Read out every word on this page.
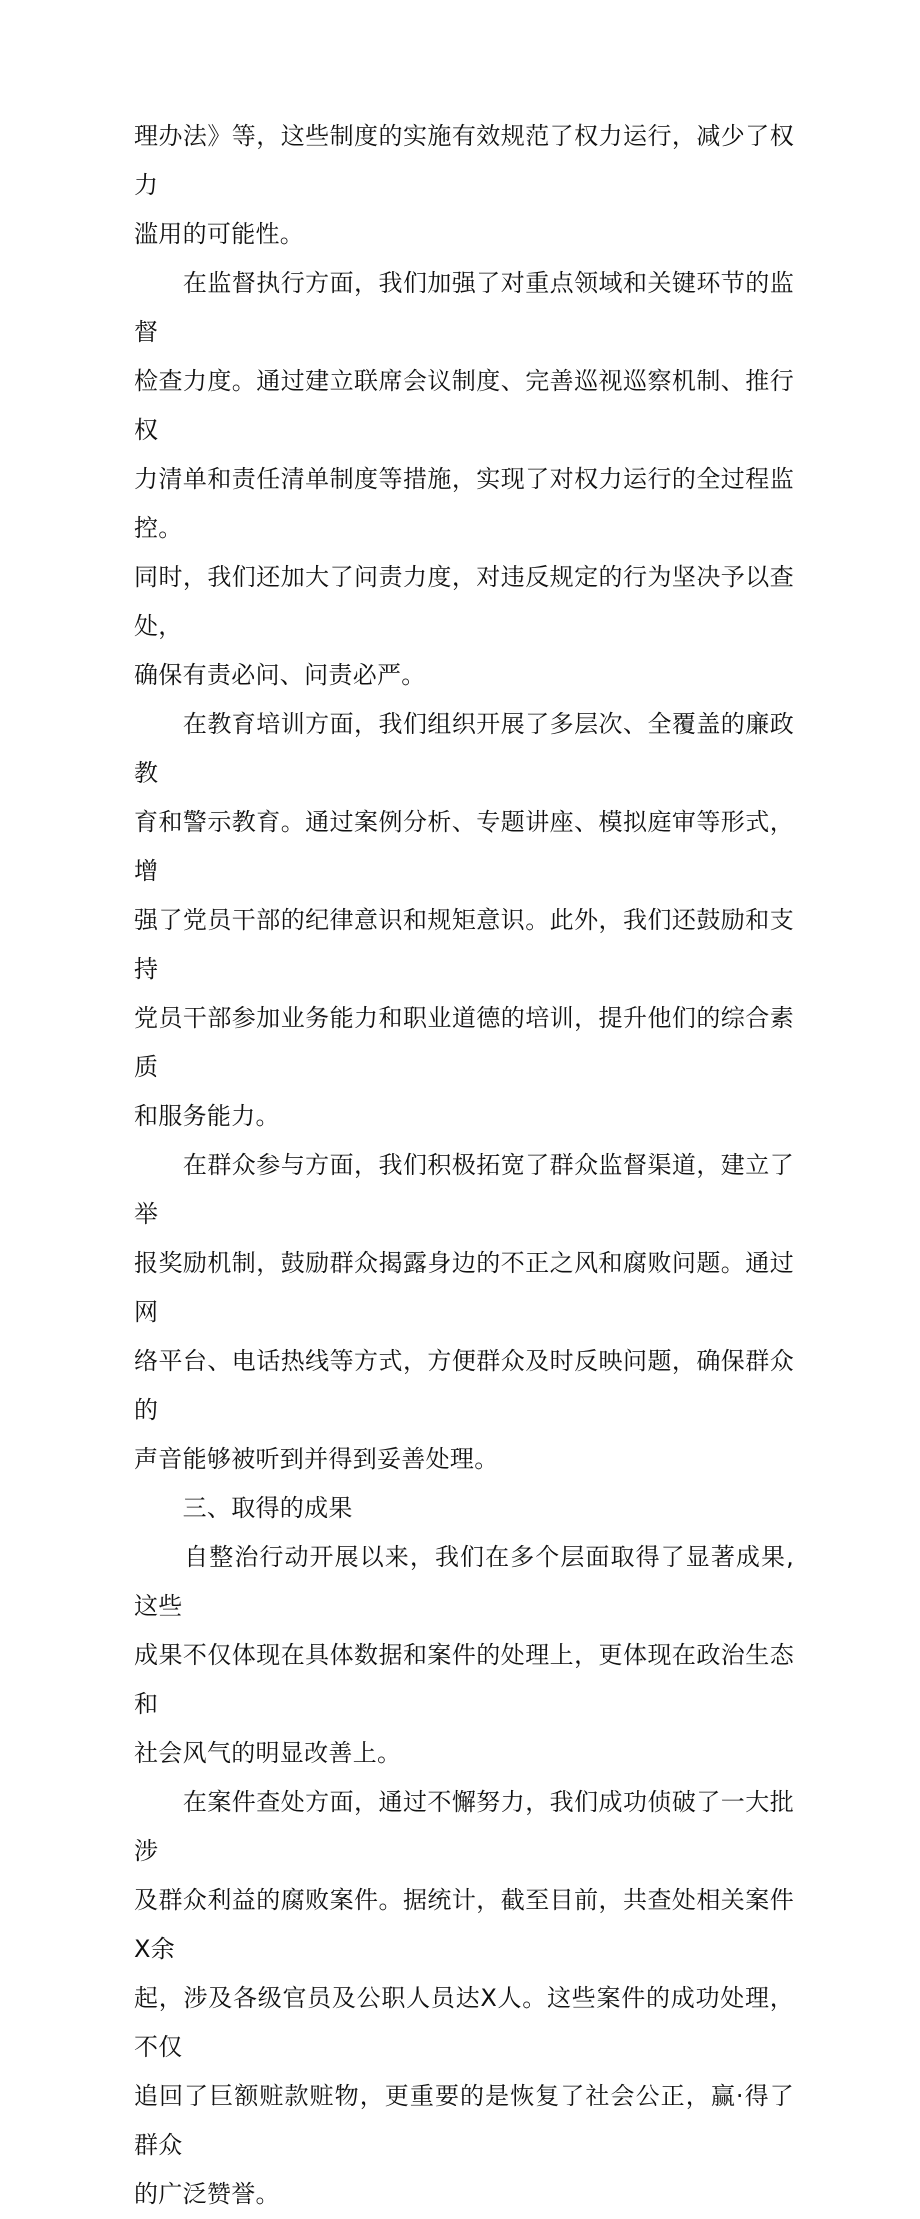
理办法》等，这些制度的实施有效规范了权力运行，减少了权力
滥用的可能性。

　　在监督执行方面，我们加强了对重点领域和关键环节的监督
检查力度。通过建立联席会议制度、完善巡视巡察机制、推行权
力清单和责任清单制度等措施，实现了对权力运行的全过程监控。
同时，我们还加大了问责力度，对违反规定的行为坚决予以查处，
确保有责必问、问责必严。

　　在教育培训方面，我们组织开展了多层次、全覆盖的廉政教
育和警示教育。通过案例分析、专题讲座、模拟庭审等形式，增
强了党员干部的纪律意识和规矩意识。此外，我们还鼓励和支持
党员干部参加业务能力和职业道德的培训，提升他们的综合素质
和服务能力。

　　在群众参与方面，我们积极拓宽了群众监督渠道，建立了举
报奖励机制，鼓励群众揭露身边的不正之风和腐败问题。通过网
络平台、电话热线等方式，方便群众及时反映问题，确保群众的
声音能够被听到并得到妥善处理。

　　三、取得的成果

　　自整治行动开展以来，我们在多个层面取得了显著成果,这些
成果不仅体现在具体数据和案件的处理上，更体现在政治生态和
社会风气的明显改善上。

　　在案件查处方面，通过不懈努力，我们成功侦破了一大批涉
及群众利益的腐败案件。据统计，截至目前，共查处相关案件X余
起，涉及各级官员及公职人员达X人。这些案件的成功处理，不仅
追回了巨额赃款赃物，更重要的是恢复了社会公正，赢·得了群众
的广泛赞誉。
